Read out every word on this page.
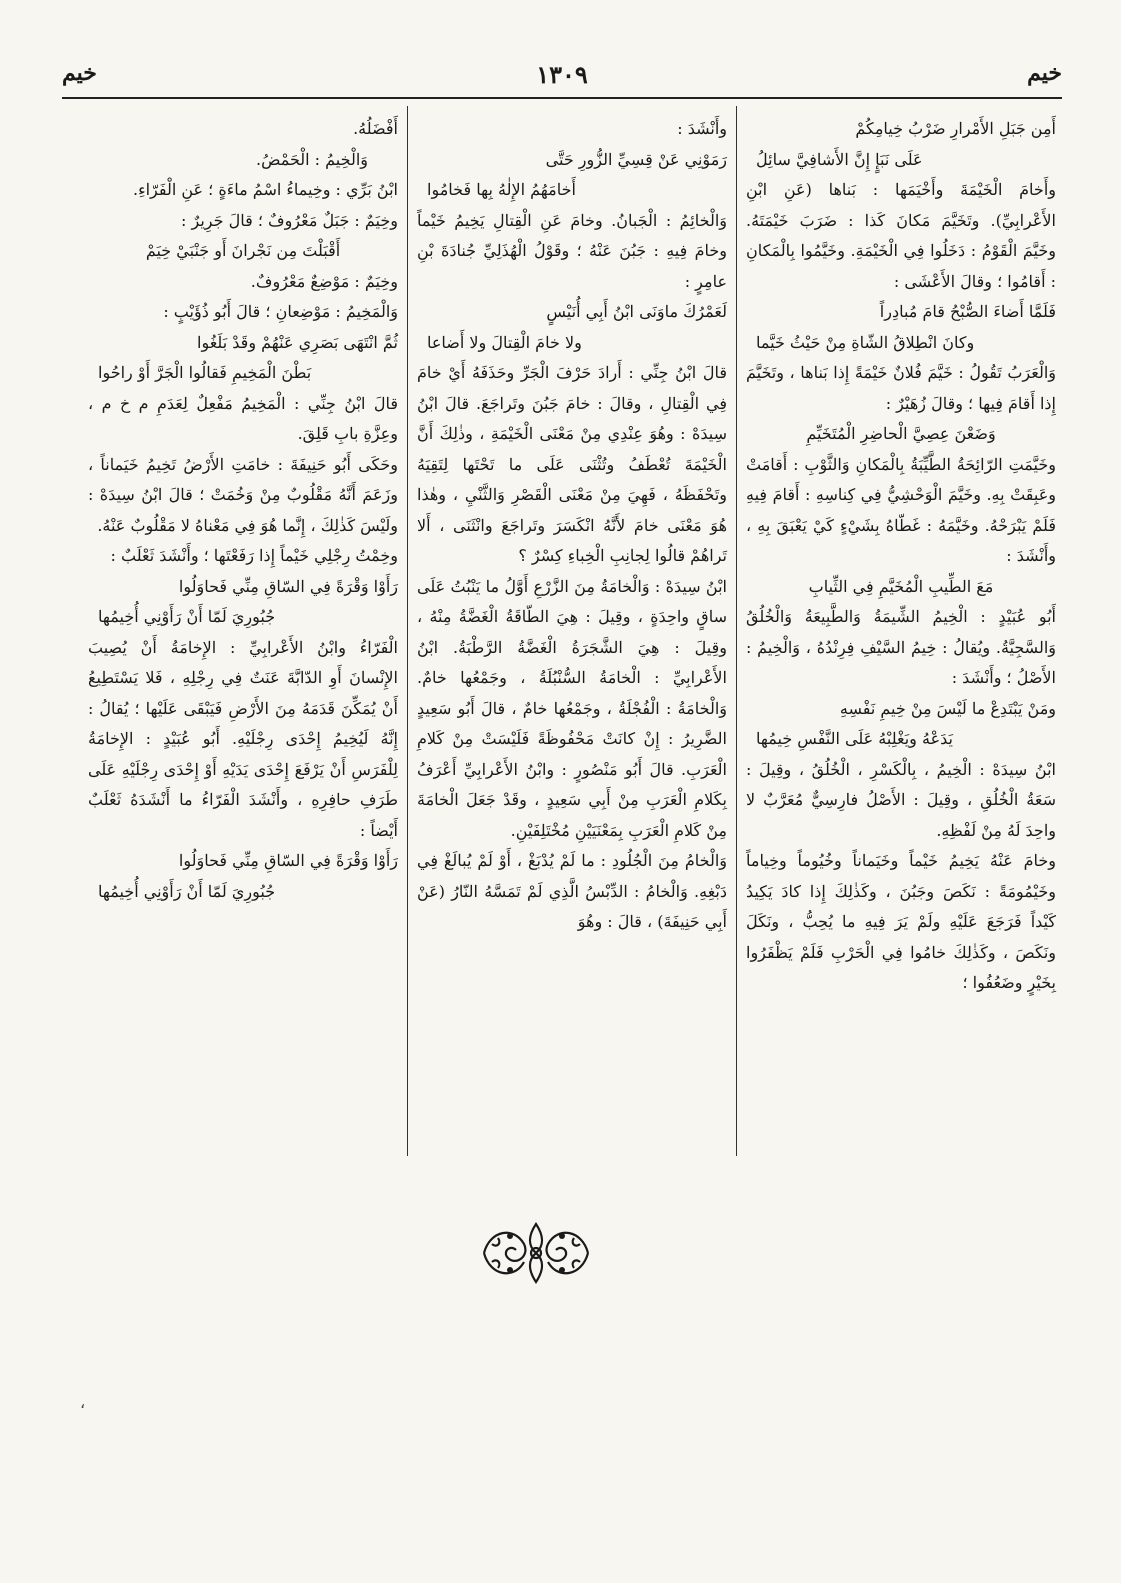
خيم
١٣٠٩
خيم

أَمِن جَبَلِ الأَمْرارِ ضَرْبُ خِيامِكُمْ

عَلَى نَبَإٍ إِنَّ الأَشافِيَّ سائِلُ

وأَخامَ الْخَيْمَةَ وأَخْيَمَها : بَناها (عَنِ ابْنِ الأَعْرابِيِّ). وتَخَيَّمَ مَكانَ كَذا : ضَرَبَ خَيْمَتَهُ. وخَيَّمَ الْقَوْمُ : دَخَلُوا فِي الْخَيْمَةِ. وخَيَّمُوا بِالْمَكانِ : أَقامُوا ؛ وقالَ الأَعْشَى :

فَلَمَّا أَضاءَ الصُّبْحُ قامَ مُبادِراً

وكانَ انْطِلاقُ الشّاةِ مِنْ حَيْثُ خَيَّما

وَالْعَرَبُ تَقُولُ : خَيَّمَ فُلانٌ خَيْمَةً إِذا بَناها ، وتَخَيَّمَ إِذا أَقامَ فِيها ؛ وقالَ زُهَيْرٌ :

وَضَعْنَ عِصِيَّ الْحاضِرِ الْمُتَخَيِّمِ

وخَيَّمَتِ الرّائِحَةُ الطَّيِّبَةُ بِالْمَكانِ وَالثَّوْبِ : أَقامَتْ وعَبِقَتْ بِهِ. وخَيَّمَ الْوَحْشِيُّ فِي كِناسِهِ : أَقامَ فِيهِ فَلَمْ يَبْرَحْهُ. وخَيَّمَهُ : غَطّاهُ بِشَيْءٍ كَيْ يَعْبَقَ بِهِ ، وأَنْشَدَ :

مَعَ الطِّيبِ الْمُخَيَّمِ فِي الثِّيابِ

أَبُو عُبَيْدٍ : الْخِيمُ الشِّيمَةُ وَالطَّبِيعَةُ وَالْخُلُقُ وَالسَّجِيَّةُ. ويُقالُ : خِيمُ السَّيْفِ فِرِنْدُهُ ، وَالْخِيمُ : الأَصْلُ ؛ وأَنْشَدَ :

ومَنْ يَبْتَدِعْ ما لَيْسَ مِنْ خِيمِ نَفْسِهِ

يَدَعْهُ ويَغْلِبْهُ عَلَى النَّفْسِ خِيمُها

ابْنُ سِيدَهْ : الْخِيمُ ، بِالْكَسْرِ ، الْخُلُقُ ، وقِيلَ : سَعَةُ الْخُلُقِ ، وقِيلَ : الأَصْلُ فارِسِيٌّ مُعَرَّبٌ لا واحِدَ لَهُ مِنْ لَفْظِهِ.

وخامَ عَنْهُ يَخِيمُ خَيْماً وخَيَماناً وخُيُوماً وخِياماً وخَيْمُومَةً : نَكَصَ وجَبُنَ ، وكَذٰلِكَ إِذا كادَ يَكِيدُ كَيْداً فَرَجَعَ عَلَيْهِ ولَمْ يَرَ فِيهِ ما يُحِبُّ ، ونَكَلَ ونَكَصَ ، وكَذٰلِكَ خامُوا فِي الْحَرْبِ فَلَمْ يَظْفَرُوا بِخَيْرٍ وضَعُفُوا ؛

وأَنْشَدَ :

رَمَوْنِي عَنْ قِسِيِّ الزُّورِ حَتَّى

أَخامَهُمُ الإِلٰهُ بِها فَخامُوا

وَالْخائِمُ : الْجَبانُ. وخامَ عَنِ الْقِتالِ يَخِيمُ خَيْماً وخامَ فِيهِ : جَبُنَ عَنْهُ ؛ وقَوْلُ الْهُذَلِيِّ جُنادَةَ بْنِ عامِرٍ :

لَعَمْرُكَ ماوَنَى ابْنُ أَبِي أُنَيْسٍ

ولا خامَ الْقِتالَ ولا أَضاعا

قالَ ابْنُ جِنِّي : أَرادَ حَرْفَ الْجَرِّ وحَذَفَهُ أَيْ خامَ فِي الْقِتالِ ، وقالَ : خامَ جَبُنَ وتَراجَعَ. قالَ ابْنُ سِيدَهْ : وهُوَ عِنْدِي مِنْ مَعْنَى الْخَيْمَةِ ، وذٰلِكَ أَنَّ الْخَيْمَةَ تُعْطَفُ وتُثْنَى عَلَى ما تَحْتَها لِتَقِيَهُ وتَحْفَظَهُ ، فَهِيَ مِنْ مَعْنَى الْقَصْرِ وَالثَّنْيِ ، وهٰذا هُوَ مَعْنَى خامَ لأَنَّهُ انْكَسَرَ وتَراجَعَ وانْثَنَى ، أَلا تَراهُمْ قالُوا لِجانِبِ الْخِباءِ كِسْرٌ ؟

ابْنُ سِيدَهْ : وَالْخامَةُ مِنَ الزَّرْعِ أَوَّلُ ما يَنْبُتُ عَلَى ساقٍ واحِدَةٍ ، وقِيلَ : هِيَ الطّاقَةُ الْغَضَّةُ مِنْهُ ، وقِيلَ : هِيَ الشَّجَرَةُ الْغَضَّةُ الرَّطْبَةُ. ابْنُ الأَعْرابِيِّ : الْخامَةُ السُّنْبُلَةُ ، وجَمْعُها خامٌ. وَالْخامَةُ : الْفُجْلَةُ ، وجَمْعُها خامٌ ، قالَ أَبُو سَعِيدٍ الضَّرِيرُ : إِنْ كانَتْ مَحْفُوظَةً فَلَيْسَتْ مِنْ كَلامِ الْعَرَبِ. قالَ أَبُو مَنْصُورٍ : وابْنُ الأَعْرابِيِّ أَعْرَفُ بِكَلامِ الْعَرَبِ مِنْ أَبِي سَعِيدٍ ، وقَدْ جَعَلَ الْخامَةَ مِنْ كَلامِ الْعَرَبِ بِمَعْنَيَيْنِ مُخْتَلِفَيْنِ.

وَالْخامُ مِنَ الْجُلُودِ : ما لَمْ يُدْبَغْ ، أَوْ لَمْ يُبالَغْ فِي دَبْغِهِ. وَالْخامُ : الدِّبْسُ الَّذِي لَمْ تَمَسَّهُ النّارُ (عَنْ أَبِي حَنِيفَةَ) ، قالَ : وهُوَ

أَفْضَلُهُ.

وَالْخِيمُ : الْحَمْضُ.

ابْنُ بَرِّي : وخِيماءُ اسْمُ ماءَةٍ ؛ عَنِ الْفَرّاءِ.

وخِيَمٌ : جَبَلٌ مَعْرُوفٌ ؛ قالَ جَرِيرٌ :

أَقْبَلْتَ مِن نَجْرانَ أَو جَنْبَيْ خِيَمْ

وخِيَمٌ : مَوْضِعٌ مَعْرُوفٌ.

وَالْمَخِيمُ : مَوْضِعانِ ؛ قالَ أَبُو ذُؤَيْبٍ :

ثُمَّ انْتَهَى بَصَرِي عَنْهُمْ وقَدْ بَلَغُوا

بَطْنَ الْمَخِيمِ فَقالُوا الْجَرَّ أَوْ راحُوا

قالَ ابْنُ جِنِّي : الْمَخِيمُ مَفْعِلٌ لِعَدَمِ م خ م ، وعِزَّةِ بابِ قَلِقَ.

وحَكَى أَبُو حَنِيفَةَ : خامَتِ الأَرْضُ تَخِيمُ خَيَماناً ، وزَعَمَ أَنَّهُ مَقْلُوبٌ مِنْ وَخُمَتْ ؛ قالَ ابْنُ سِيدَهْ : ولَيْسَ كَذٰلِكَ ، إِنَّما هُوَ فِي مَعْناهُ لا مَقْلُوبٌ عَنْهُ.

وخِمْتُ رِجْلِي خَيْماً إِذا رَفَعْتَها ؛ وأَنْشَدَ ثَعْلَبٌ :

رَأَوْا وَقْرَةً فِي السّاقِ مِنِّي فَحاوَلُوا

جُبُورِيَ لَمّا أَنْ رَأَوْنِي أُخِيمُها

الْفَرّاءُ وابْنُ الأَعْرابِيِّ : الإِخامَةُ أَنْ يُصِيبَ الإِنْسانَ أَوِ الدّابَّةَ عَنَتٌ فِي رِجْلِهِ ، فَلا يَسْتَطِيعُ أَنْ يُمَكِّنَ قَدَمَهُ مِنَ الأَرْضِ فَيَبْقَى عَلَيْها ؛ يُقالُ : إِنَّهُ لَيُخِيمُ إِحْدَى رِجْلَيْهِ. أَبُو عُبَيْدٍ : الإِخامَةُ لِلْفَرَسِ أَنْ يَرْفَعَ إِحْدَى يَدَيْهِ أَوْ إِحْدَى رِجْلَيْهِ عَلَى طَرَفِ حافِرِهِ ، وأَنْشَدَ الْفَرّاءُ ما أَنْشَدَهُ ثَعْلَبٌ أَيْضاً :

رَأَوْا وَقْرَةً فِي السّاقِ مِنِّي فَحاوَلُوا

جُبُورِيَ لَمّا أَنْ رَأَوْنِي أُخِيمُها

،
